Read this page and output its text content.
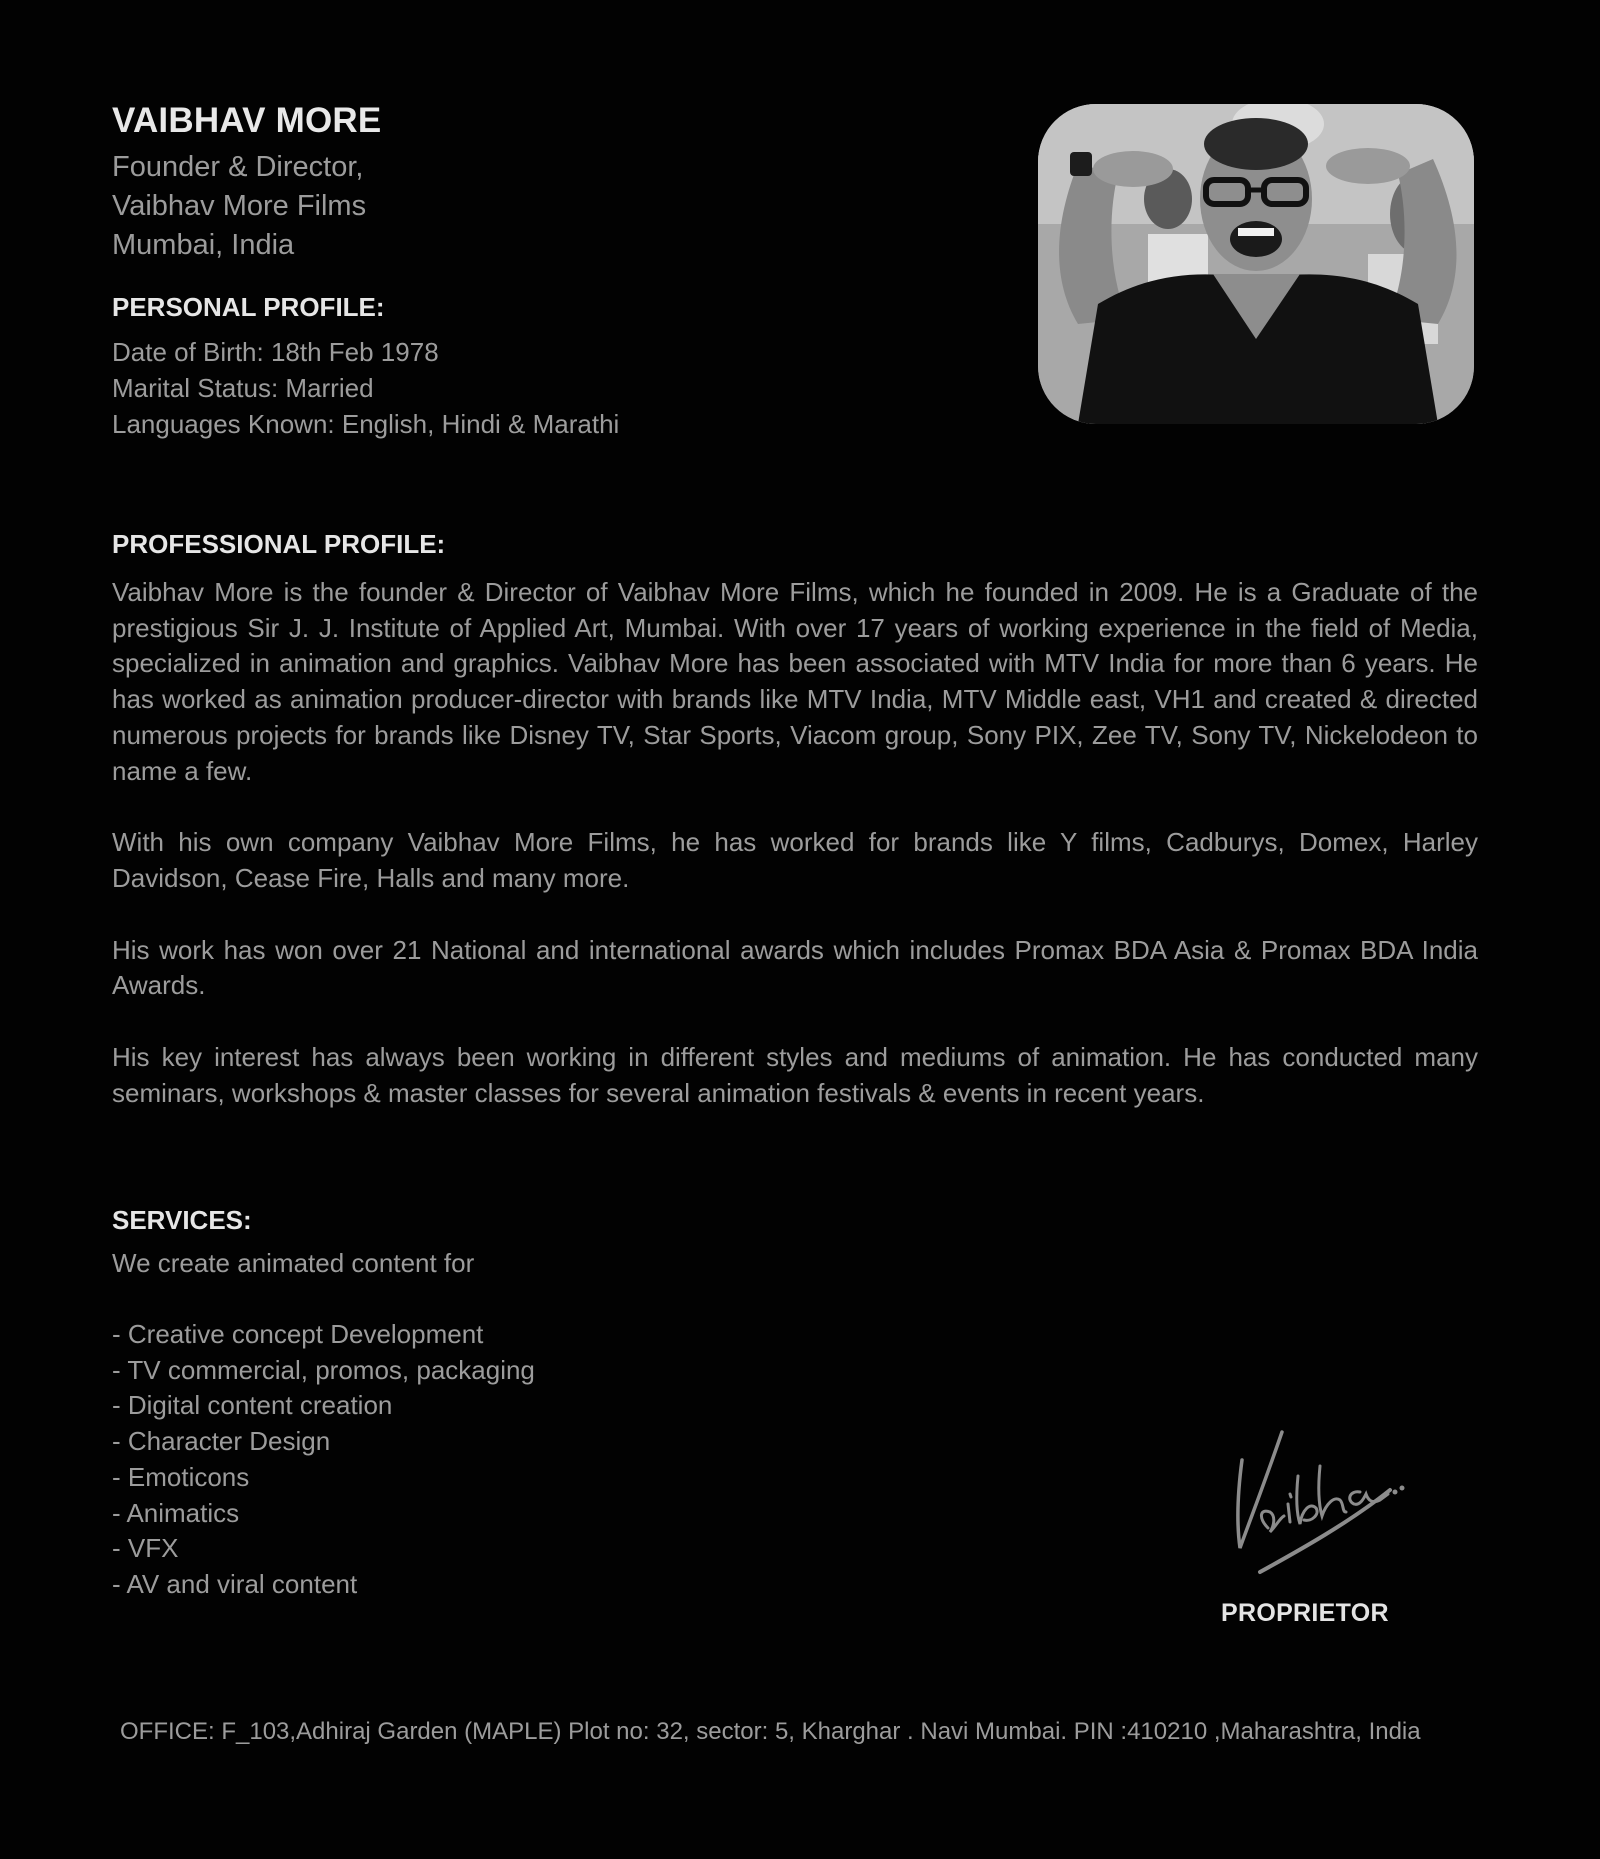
VAIBHAV MORE
Founder & Director,
Vaibhav More Films
Mumbai, India
PERSONAL PROFILE:
Date of Birth: 18th Feb 1978
Marital Status: Married
Languages Known: English, Hindi & Marathi
PROFESSIONAL PROFILE:

Vaibhav More is the founder & Director of Vaibhav More Films, which he founded in 2009. He is a Graduate of the prestigious Sir J. J. Institute of Applied Art, Mumbai. With over 17 years of working experience in the field of Media, specialized in animation and graphics. Vaibhav More has been associated with MTV India for more than 6 years. He has worked as animation producer-director with brands like MTV India, MTV Middle east, VH1 and created & directed numerous projects for brands like Disney TV, Star Sports, Viacom group, Sony PIX, Zee TV, Sony TV, Nickelodeon to name a few.

With his own company Vaibhav More Films, he has worked for brands like Y films, Cadburys, Domex, Harley Davidson, Cease Fire, Halls and many more.

His work has won over 21 National and international awards which includes Promax BDA Asia & Promax BDA India Awards.

His key interest has always been working in different styles and mediums of animation. He has conducted many seminars, workshops & master classes for several animation festivals & events in recent years.

SERVICES:

We create animated content for

- Creative concept Development
- TV commercial, promos, packaging
- Digital content creation
- Character Design
- Emoticons
- Animatics
- VFX
- AV and viral content
PROPRIETOR
OFFICE: F_103,Adhiraj Garden (MAPLE) Plot no: 32, sector: 5, Kharghar . Navi Mumbai. PIN :410210 ,Maharashtra, India
